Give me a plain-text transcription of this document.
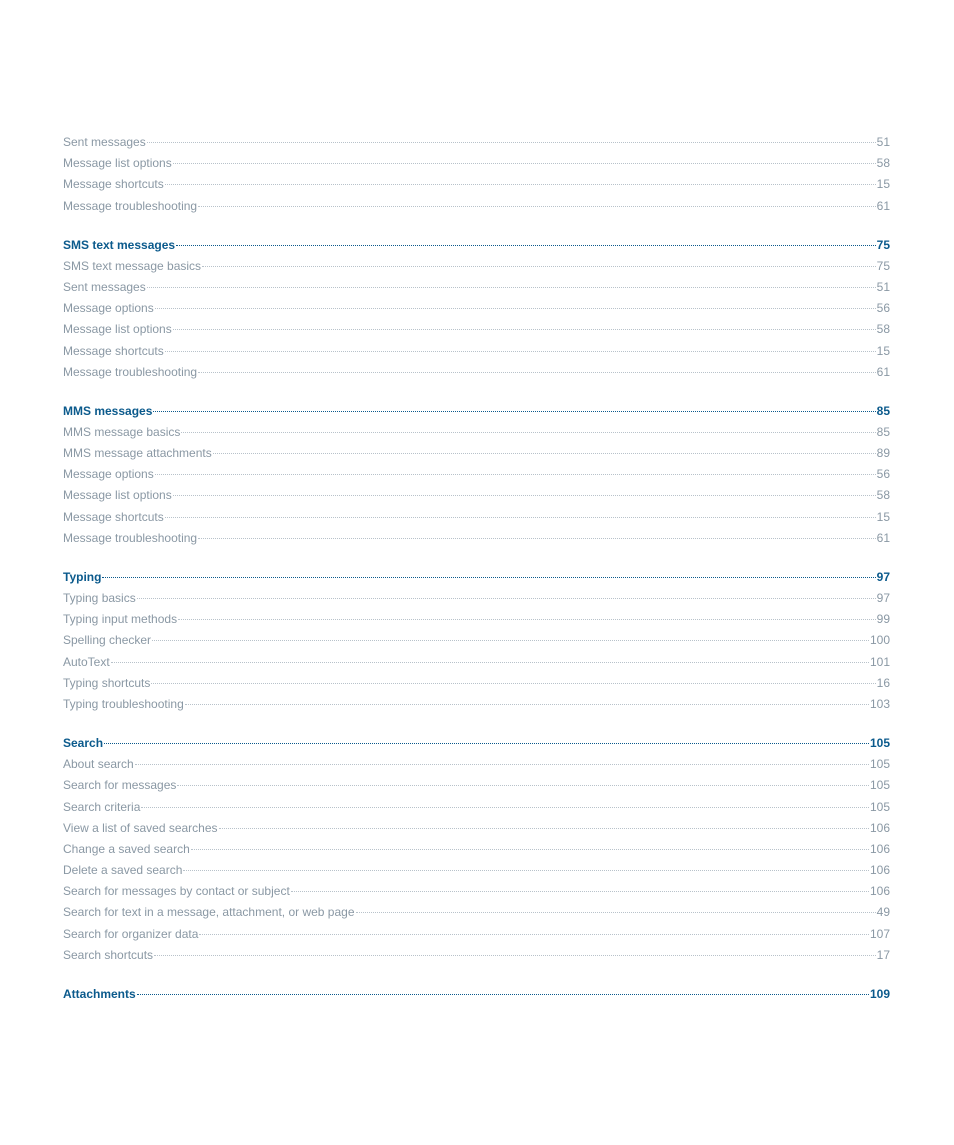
Sent messages	51
Message list options	58
Message shortcuts	15
Message troubleshooting	61
SMS text messages	75
SMS text message basics	75
Sent messages	51
Message options	56
Message list options	58
Message shortcuts	15
Message troubleshooting	61
MMS messages	85
MMS message basics	85
MMS message attachments	89
Message options	56
Message list options	58
Message shortcuts	15
Message troubleshooting	61
Typing	97
Typing basics	97
Typing input methods	99
Spelling checker	100
AutoText	101
Typing shortcuts	16
Typing troubleshooting	103
Search	105
About search	105
Search for messages	105
Search criteria	105
View a list of saved searches	106
Change a saved search	106
Delete a saved search	106
Search for messages by contact or subject	106
Search for text in a message, attachment, or web page	49
Search for organizer data	107
Search shortcuts	17
Attachments	109
